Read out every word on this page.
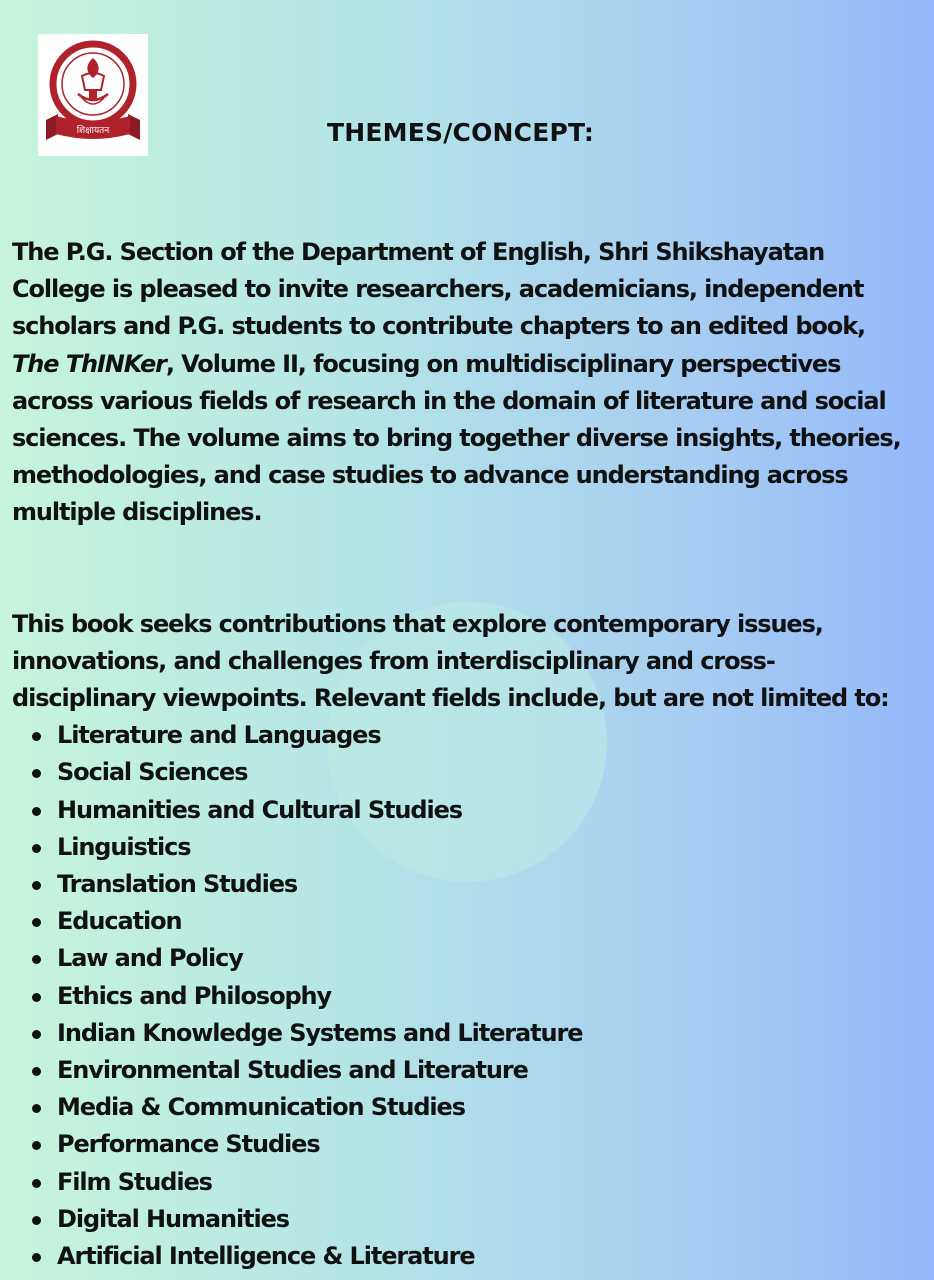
शिक्षायतन	THEMES/CONCEPT:

The P.G. Section of the Department of English, Shri Shikshayatan

College is pleased to invite researchers, academicians, independent

scholars and P.G. students to contribute chapters to an edited book,

The ThINKer, Volume II, focusing on multidisciplinary perspectives

across various fields of research in the domain of literature and social

sciences. The volume aims to bring together diverse insights, theories,

methodologies, and case studies to advance understanding across

multiple disciplines.

This book seeks contributions that explore contemporary issues,

innovations, and challenges from interdisciplinary and cross-

disciplinary viewpoints. Relevant fields include, but are not limited to:

Literature and Languages
Social Sciences
Humanities and Cultural Studies
Linguistics
Translation Studies
Education
Law and Policy
Ethics and Philosophy
Indian Knowledge Systems and Literature
Environmental Studies and Literature
Media & Communication Studies
Performance Studies
Film Studies
Digital Humanities
Artificial Intelligence & Literature
